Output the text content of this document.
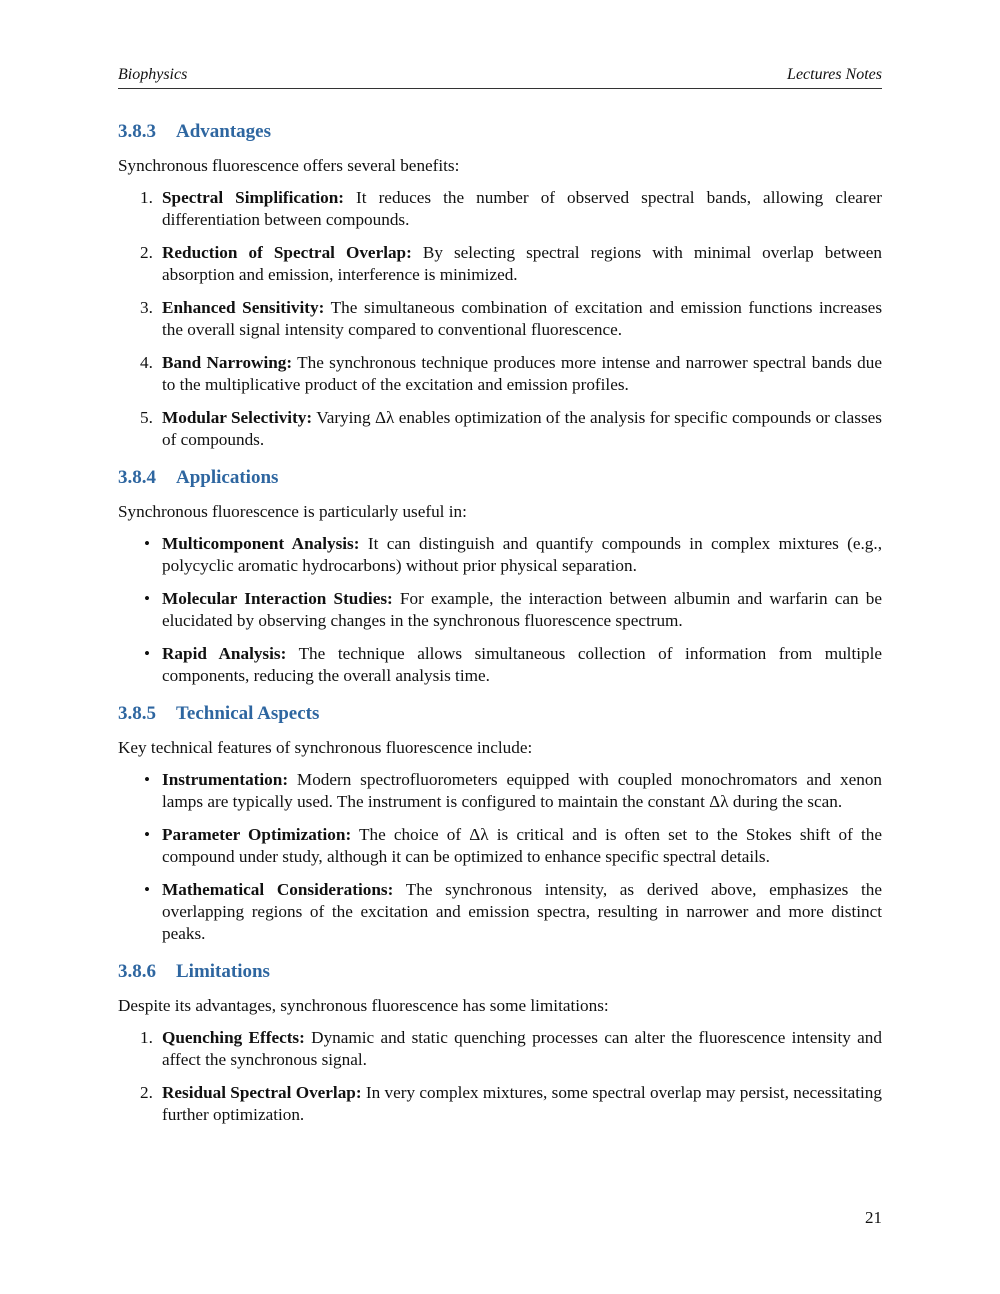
Biophysics	Lectures Notes
3.8.3 Advantages

Synchronous fluorescence offers several benefits:

1. Spectral Simplification: It reduces the number of observed spectral bands, allowing clearer differentiation between compounds.
2. Reduction of Spectral Overlap: By selecting spectral regions with minimal overlap between absorption and emission, interference is minimized.
3. Enhanced Sensitivity: The simultaneous combination of excitation and emission functions increases the overall signal intensity compared to conventional fluorescence.
4. Band Narrowing: The synchronous technique produces more intense and narrower spectral bands due to the multiplicative product of the excitation and emission profiles.
5. Modular Selectivity: Varying Δλ enables optimization of the analysis for specific compounds or classes of compounds.
3.8.4 Applications

Synchronous fluorescence is particularly useful in:

• Multicomponent Analysis: It can distinguish and quantify compounds in complex mixtures (e.g., polycyclic aromatic hydrocarbons) without prior physical separation.
• Molecular Interaction Studies: For example, the interaction between albumin and warfarin can be elucidated by observing changes in the synchronous fluorescence spectrum.
• Rapid Analysis: The technique allows simultaneous collection of information from multiple components, reducing the overall analysis time.
3.8.5 Technical Aspects

Key technical features of synchronous fluorescence include:

• Instrumentation: Modern spectrofluorometers equipped with coupled monochromators and xenon lamps are typically used. The instrument is configured to maintain the constant Δλ during the scan.
• Parameter Optimization: The choice of Δλ is critical and is often set to the Stokes shift of the compound under study, although it can be optimized to enhance specific spectral details.
• Mathematical Considerations: The synchronous intensity, as derived above, emphasizes the overlapping regions of the excitation and emission spectra, resulting in narrower and more distinct peaks.
3.8.6 Limitations

Despite its advantages, synchronous fluorescence has some limitations:

1. Quenching Effects: Dynamic and static quenching processes can alter the fluorescence intensity and affect the synchronous signal.
2. Residual Spectral Overlap: In very complex mixtures, some spectral overlap may persist, necessitating further optimization.
21
